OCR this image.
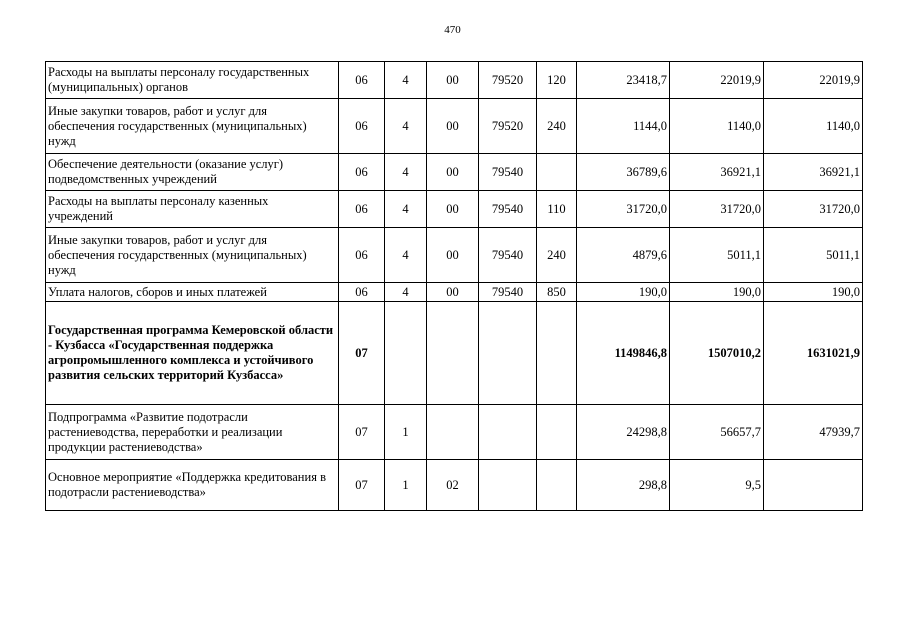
470
Расходы на выплаты персоналу государственных (муниципальных) органов	06	4	00	79520	120	23418,7	22019,9	22019,9
Иные закупки товаров, работ и услуг для обеспечения государственных (муниципальных) нужд	06	4	00	79520	240	1144,0	1140,0	1140,0
Обеспечение деятельности (оказание услуг) подведомственных учреждений	06	4	00	79540		36789,6	36921,1	36921,1
Расходы на выплаты персоналу казенных учреждений	06	4	00	79540	110	31720,0	31720,0	31720,0
Иные закупки товаров, работ и услуг для обеспечения государственных (муниципальных) нужд	06	4	00	79540	240	4879,6	5011,1	5011,1
Уплата налогов, сборов и иных платежей	06	4	00	79540	850	190,0	190,0	190,0
Государственная программа Кемеровской области - Кузбасса «Государственная поддержка агропромышленного комплекса и устойчивого развития сельских территорий Кузбасса»	07					1149846,8	1507010,2	1631021,9
Подпрограмма «Развитие подотрасли растениеводства, переработки и реализации продукции растениеводства»	07	1				24298,8	56657,7	47939,7
Основное мероприятие «Поддержка кредитования в подотрасли растениеводства»	07	1	02			298,8	9,5	
